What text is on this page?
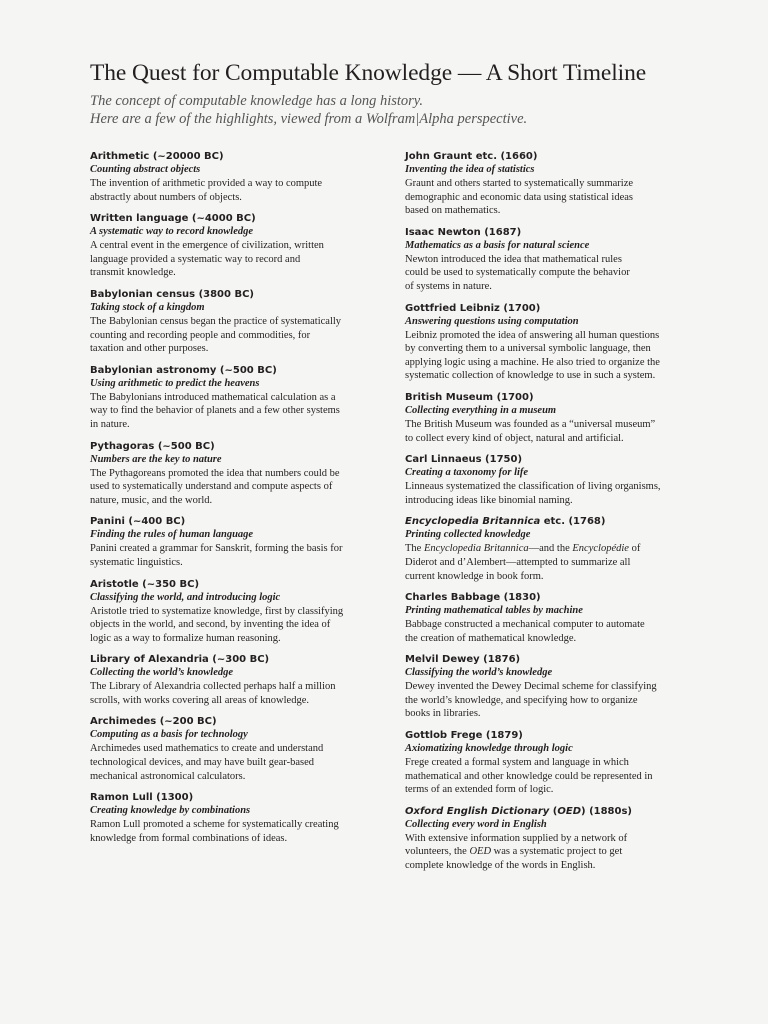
The Quest for Computable Knowledge — A Short Timeline
The concept of computable knowledge has a long history.
Here are a few of the highlights, viewed from a Wolfram|Alpha perspective.
Arithmetic (~20000 BC)
Counting abstract objects
The invention of arithmetic provided a way to compute
abstractly about numbers of objects.
Written language (~4000 BC)
A systematic way to record knowledge
A central event in the emergence of civilization, written
language provided a systematic way to record and
transmit knowledge.
Babylonian census (3800 BC)
Taking stock of a kingdom
The Babylonian census began the practice of systematically
counting and recording people and commodities, for
taxation and other purposes.
Babylonian astronomy (~500 BC)
Using arithmetic to predict the heavens
The Babylonians introduced mathematical calculation as a
way to find the behavior of planets and a few other systems
in nature.
Pythagoras (~500 BC)
Numbers are the key to nature
The Pythagoreans promoted the idea that numbers could be
used to systematically understand and compute aspects of
nature, music, and the world.
Panini (~400 BC)
Finding the rules of human language
Panini created a grammar for Sanskrit, forming the basis for
systematic linguistics.
Aristotle (~350 BC)
Classifying the world, and introducing logic
Aristotle tried to systematize knowledge, first by classifying
objects in the world, and second, by inventing the idea of
logic as a way to formalize human reasoning.
Library of Alexandria (~300 BC)
Collecting the world’s knowledge
The Library of Alexandria collected perhaps half a million
scrolls, with works covering all areas of knowledge.
Archimedes (~200 BC)
Computing as a basis for technology
Archimedes used mathematics to create and understand
technological devices, and may have built gear-based
mechanical astronomical calculators.
Ramon Lull (1300)
Creating knowledge by combinations
Ramon Lull promoted a scheme for systematically creating
knowledge from formal combinations of ideas.
John Graunt etc. (1660)
Inventing the idea of statistics
Graunt and others started to systematically summarize
demographic and economic data using statistical ideas
based on mathematics.
Isaac Newton (1687)
Mathematics as a basis for natural science
Newton introduced the idea that mathematical rules
could be used to systematically compute the behavior
of systems in nature.
Gottfried Leibniz (1700)
Answering questions using computation
Leibniz promoted the idea of answering all human questions
by converting them to a universal symbolic language, then
applying logic using a machine. He also tried to organize the
systematic collection of knowledge to use in such a system.
British Museum (1700)
Collecting everything in a museum
The British Museum was founded as a “universal museum”
to collect every kind of object, natural and artificial.
Carl Linnaeus (1750)
Creating a taxonomy for life
Linneaus systematized the classification of living organisms,
introducing ideas like binomial naming.
Encyclopedia Britannica etc. (1768)
Printing collected knowledge
The Encyclopedia Britannica—and the Encyclopédie of
Diderot and d’Alembert—attempted to summarize all
current knowledge in book form.
Charles Babbage (1830)
Printing mathematical tables by machine
Babbage constructed a mechanical computer to automate
the creation of mathematical knowledge.
Melvil Dewey (1876)
Classifying the world’s knowledge
Dewey invented the Dewey Decimal scheme for classifying
the world’s knowledge, and specifying how to organize
books in libraries.
Gottlob Frege (1879)
Axiomatizing knowledge through logic
Frege created a formal system and language in which
mathematical and other knowledge could be represented in
terms of an extended form of logic.
Oxford English Dictionary (OED) (1880s)
Collecting every word in English
With extensive information supplied by a network of
volunteers, the OED was a systematic project to get
complete knowledge of the words in English.
